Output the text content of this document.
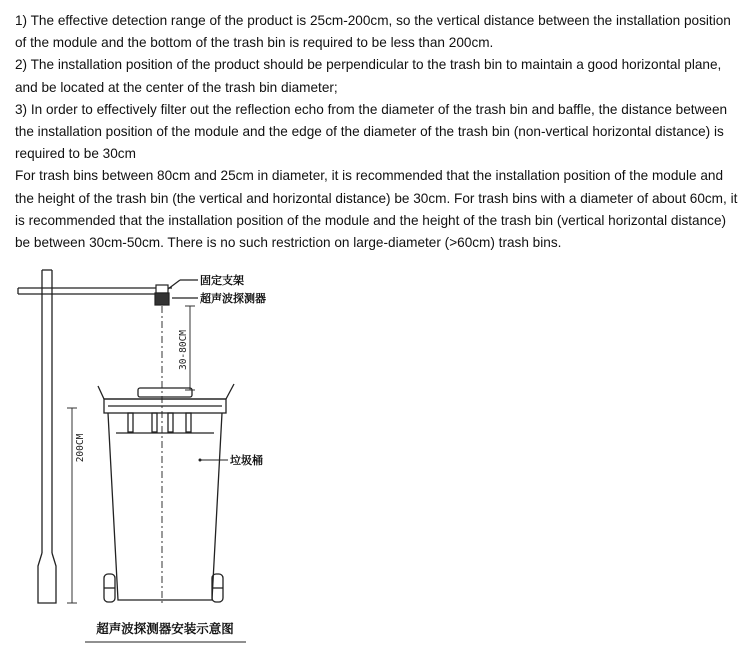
1) The effective detection range of the product is 25cm-200cm, so the vertical distance between the installation position of the module and the bottom of the trash bin is required to be less than 200cm.

2) The installation position of the product should be perpendicular to the trash bin to maintain a good horizontal plane, and be located at the center of the trash bin diameter;

3) In order to effectively filter out the reflection echo from the diameter of the trash bin and baffle, the distance between the installation position of the module and the edge of the diameter of the trash bin (non-vertical horizontal distance) is required to be 30cm

For trash bins between 80cm and 25cm in diameter, it is recommended that the installation position of the module and the height of the trash bin (the vertical and horizontal distance) be 30cm. For trash bins with a diameter of about 60cm, it is recommended that the installation position of the module and the height of the trash bin (vertical horizontal distance) be between 30cm-50cm. There is no such restriction on large-diameter (>60cm) trash bins.

30-80CM
200CM
固定支架
超声波探测器
垃圾桶
超声波探测器安装示意图
